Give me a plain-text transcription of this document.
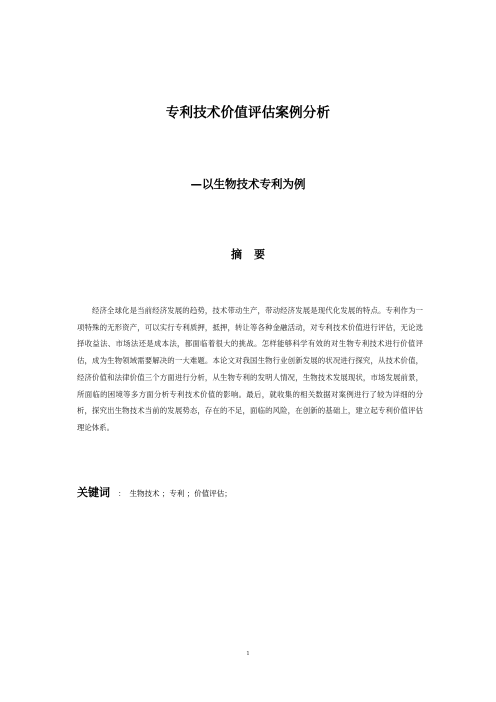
专利技术价值评估案例分析
—以生物技术专利为例
摘要
经济全球化是当前经济发展的趋势，技术带动生产，带动经济发展是现代化发展的特点。专利作为一项特殊的无形资产，可以实行专利质押，抵押，转让等各种金融活动，对专利技术价值进行评估，无论选择收益法、市场法还是成本法，都面临着很大的挑战。怎样能够科学有效的对生物专利技术进行价值评估，成为生物领域需要解决的一大难题。本论文对我国生物行业创新发展的状况进行探究，从技术价值，经济价值和法律价值三个方面进行分析，从生物专利的发明人情况，生物技术发展现状，市场发展前景，所面临的困境等多方面分析专利技术价值的影响。最后，就收集的相关数据对案例进行了较为详细的分析，探究出生物技术当前的发展势态，存在的不足，面临的风险，在创新的基础上，建立起专利价值评估理论体系。
关键词 ： 生物技术 ；专利 ；价值评估；
1
